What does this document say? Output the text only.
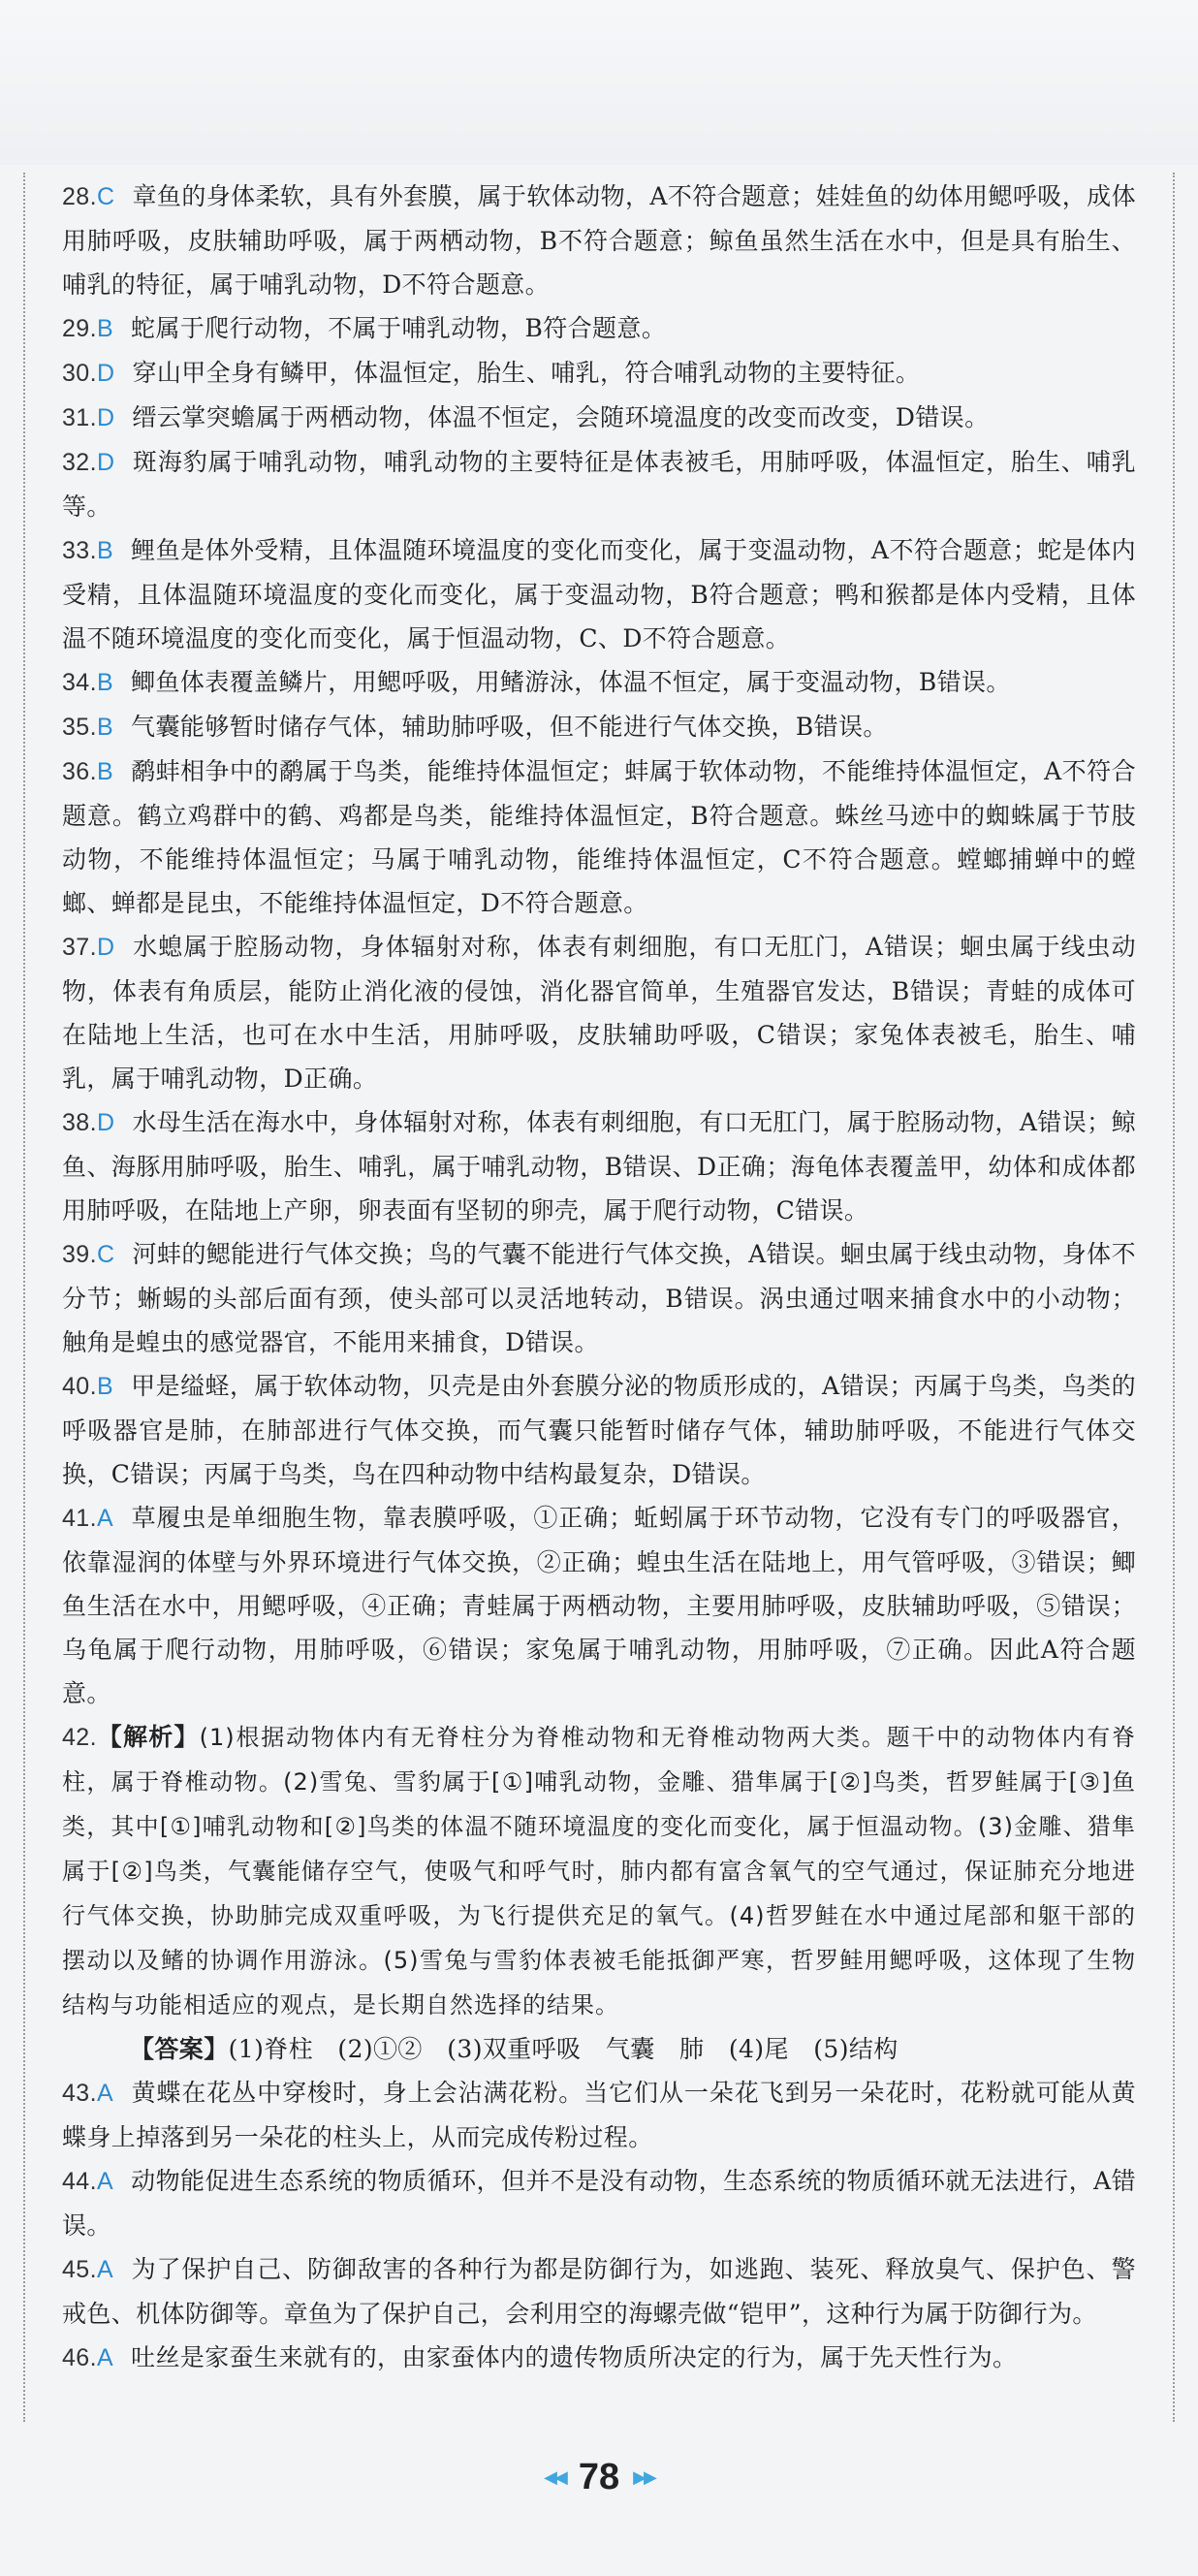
28.C 章鱼的身体柔软，具有外套膜，属于软体动物，A不符合题意；娃娃鱼的幼体用鳃呼吸，成体用肺呼吸，皮肤辅助呼吸，属于两栖动物，B不符合题意；鲸鱼虽然生活在水中，但是具有胎生、哺乳的特征，属于哺乳动物，D不符合题意。
29.B 蛇属于爬行动物，不属于哺乳动物，B符合题意。
30.D 穿山甲全身有鳞甲，体温恒定，胎生、哺乳，符合哺乳动物的主要特征。
31.D 缙云掌突蟾属于两栖动物，体温不恒定，会随环境温度的改变而改变，D错误。
32.D 斑海豹属于哺乳动物，哺乳动物的主要特征是体表被毛，用肺呼吸，体温恒定，胎生、哺乳等。
33.B 鲤鱼是体外受精，且体温随环境温度的变化而变化，属于变温动物，A不符合题意；蛇是体内受精，且体温随环境温度的变化而变化，属于变温动物，B符合题意；鸭和猴都是体内受精，且体温不随环境温度的变化而变化，属于恒温动物，C、D不符合题意。
34.B 鲫鱼体表覆盖鳞片，用鳃呼吸，用鳍游泳，体温不恒定，属于变温动物，B错误。
35.B 气囊能够暂时储存气体，辅助肺呼吸，但不能进行气体交换，B错误。
36.B 鹬蚌相争中的鹬属于鸟类，能维持体温恒定；蚌属于软体动物，不能维持体温恒定，A不符合题意。鹤立鸡群中的鹤、鸡都是鸟类，能维持体温恒定，B符合题意。蛛丝马迹中的蜘蛛属于节肢动物，不能维持体温恒定；马属于哺乳动物，能维持体温恒定，C不符合题意。螳螂捕蝉中的螳螂、蝉都是昆虫，不能维持体温恒定，D不符合题意。
37.D 水螅属于腔肠动物，身体辐射对称，体表有刺细胞，有口无肛门，A错误；蛔虫属于线虫动物，体表有角质层，能防止消化液的侵蚀，消化器官简单，生殖器官发达，B错误；青蛙的成体可在陆地上生活，也可在水中生活，用肺呼吸，皮肤辅助呼吸，C错误；家兔体表被毛，胎生、哺乳，属于哺乳动物，D正确。
38.D 水母生活在海水中，身体辐射对称，体表有刺细胞，有口无肛门，属于腔肠动物，A错误；鲸鱼、海豚用肺呼吸，胎生、哺乳，属于哺乳动物，B错误、D正确；海龟体表覆盖甲，幼体和成体都用肺呼吸，在陆地上产卵，卵表面有坚韧的卵壳，属于爬行动物，C错误。
39.C 河蚌的鳃能进行气体交换；鸟的气囊不能进行气体交换，A错误。蛔虫属于线虫动物，身体不分节；蜥蜴的头部后面有颈，使头部可以灵活地转动，B错误。涡虫通过咽来捕食水中的小动物；触角是蝗虫的感觉器官，不能用来捕食，D错误。
40.B 甲是缢蛏，属于软体动物，贝壳是由外套膜分泌的物质形成的，A错误；丙属于鸟类，鸟类的呼吸器官是肺，在肺部进行气体交换，而气囊只能暂时储存气体，辅助肺呼吸，不能进行气体交换，C错误；丙属于鸟类，鸟在四种动物中结构最复杂，D错误。
41.A 草履虫是单细胞生物，靠表膜呼吸，①正确；蚯蚓属于环节动物，它没有专门的呼吸器官，依靠湿润的体壁与外界环境进行气体交换，②正确；蝗虫生活在陆地上，用气管呼吸，③错误；鲫鱼生活在水中，用鳃呼吸，④正确；青蛙属于两栖动物，主要用肺呼吸，皮肤辅助呼吸，⑤错误；乌龟属于爬行动物，用肺呼吸，⑥错误；家兔属于哺乳动物，用肺呼吸，⑦正确。因此A符合题意。
42.【解析】(1)根据动物体内有无脊柱分为脊椎动物和无脊椎动物两大类。题干中的动物体内有脊柱，属于脊椎动物。(2)雪兔、雪豹属于[①]哺乳动物，金雕、猎隼属于[②]鸟类，哲罗鲑属于[③]鱼类，其中[①]哺乳动物和[②]鸟类的体温不随环境温度的变化而变化，属于恒温动物。(3)金雕、猎隼属于[②]鸟类，气囊能储存空气，使吸气和呼气时，肺内都有富含氧气的空气通过，保证肺充分地进行气体交换，协助肺完成双重呼吸，为飞行提供充足的氧气。(4)哲罗鲑在水中通过尾部和躯干部的摆动以及鳍的协调作用游泳。(5)雪兔与雪豹体表被毛能抵御严寒，哲罗鲑用鳃呼吸，这体现了生物结构与功能相适应的观点，是长期自然选择的结果。
【答案】(1)脊柱　(2)①②　(3)双重呼吸　气囊　肺　(4)尾　(5)结构
43.A 黄蝶在花丛中穿梭时，身上会沾满花粉。当它们从一朵花飞到另一朵花时，花粉就可能从黄蝶身上掉落到另一朵花的柱头上，从而完成传粉过程。
44.A 动物能促进生态系统的物质循环，但并不是没有动物，生态系统的物质循环就无法进行，A错误。
45.A 为了保护自己、防御敌害的各种行为都是防御行为，如逃跑、装死、释放臭气、保护色、警戒色、机体防御等。章鱼为了保护自己，会利用空的海螺壳做“铠甲”，这种行为属于防御行为。
46.A 吐丝是家蚕生来就有的，由家蚕体内的遗传物质所决定的行为，属于先天性行为。
◀◀ 78 ▶▶
